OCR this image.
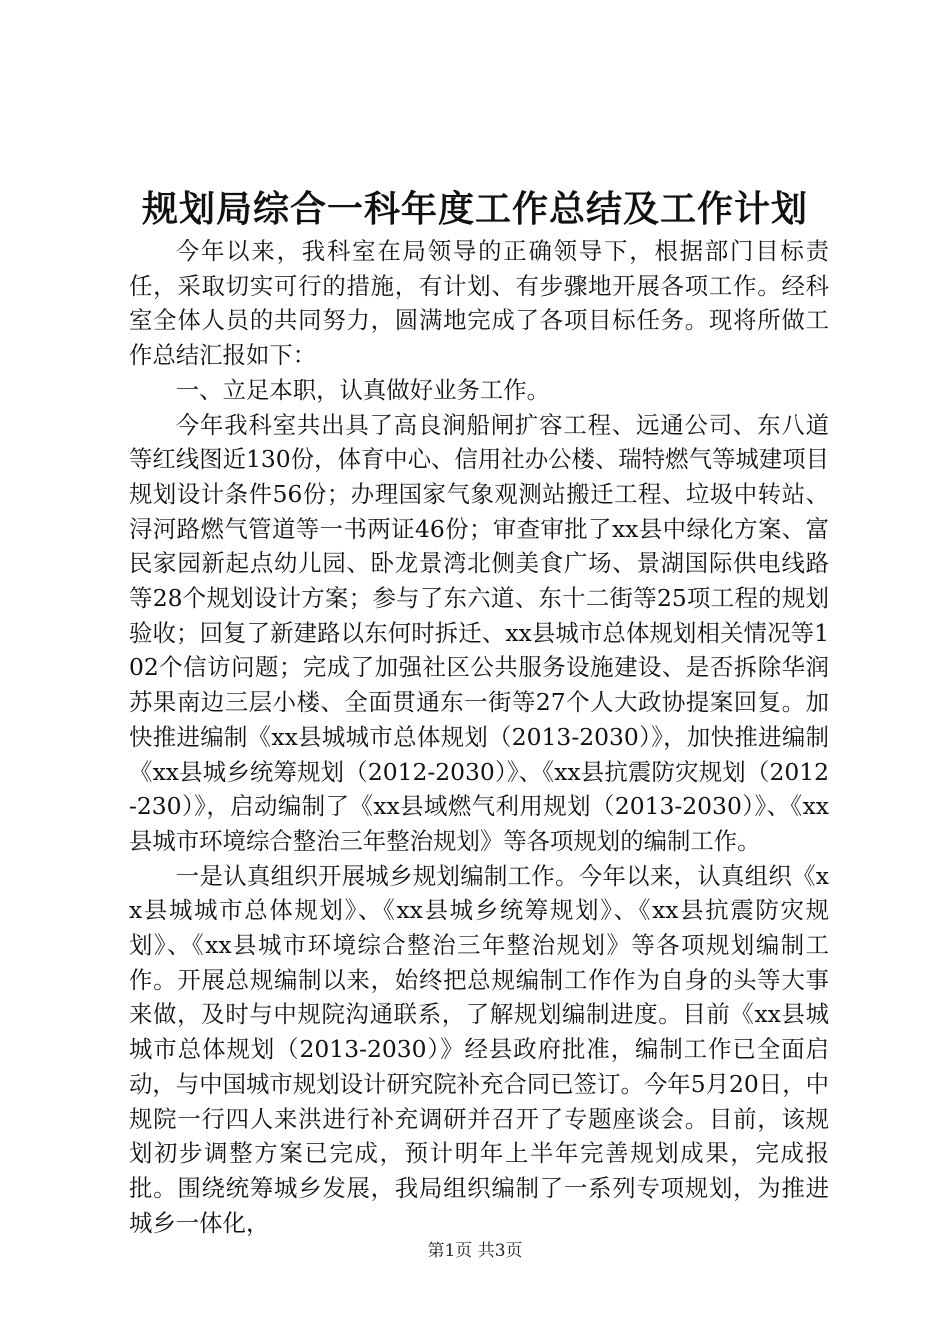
规划局综合一科年度工作总结及工作计划

今年以来，我科室在局领导的正确领导下，根据部门目标责任，采取切实可行的措施，有计划、有步骤地开展各项工作。经科室全体人员的共同努力，圆满地完成了各项目标任务。现将所做工作总结汇报如下：

一、立足本职，认真做好业务工作。

今年我科室共出具了高良涧船闸扩容工程、远通公司、东八道等红线图近130份，体育中心、信用社办公楼、瑞特燃气等城建项目规划设计条件56份；办理国家气象观测站搬迁工程、垃圾中转站、浔河路燃气管道等一书两证46份；审查审批了xx县中绿化方案、富民家园新起点幼儿园、卧龙景湾北侧美食广场、景湖国际供电线路等28个规划设计方案；参与了东六道、东十二街等25项工程的规划验收；回复了新建路以东何时拆迁、xx县城市总体规划相关情况等102个信访问题；完成了加强社区公共服务设施建设、是否拆除华润苏果南边三层小楼、全面贯通东一街等27个人大政协提案回复。加快推进编制《xx县城城市总体规划（2013-2030）》，加快推进编制《xx县城乡统筹规划（2012-2030）》、《xx县抗震防灾规划（2012-230）》，启动编制了《xx县域燃气利用规划（2013-2030）》、《xx县城市环境综合整治三年整治规划》等各项规划的编制工作。

一是认真组织开展城乡规划编制工作。今年以来，认真组织《xx县城城市总体规划》、《xx县城乡统筹规划》、《xx县抗震防灾规划》、《xx县城市环境综合整治三年整治规划》等各项规划编制工作。开展总规编制以来，始终把总规编制工作作为自身的头等大事来做，及时与中规院沟通联系，了解规划编制进度。目前《xx县城城市总体规划（2013-2030）》经县政府批准，编制工作已全面启动，与中国城市规划设计研究院补充合同已签订。今年5月20日，中规院一行四人来洪进行补充调研并召开了专题座谈会。目前，该规划初步调整方案已完成，预计明年上半年完善规划成果，完成报批。围绕统筹城乡发展，我局组织编制了一系列专项规划，为推进城乡一体化，

第1页 共3页
